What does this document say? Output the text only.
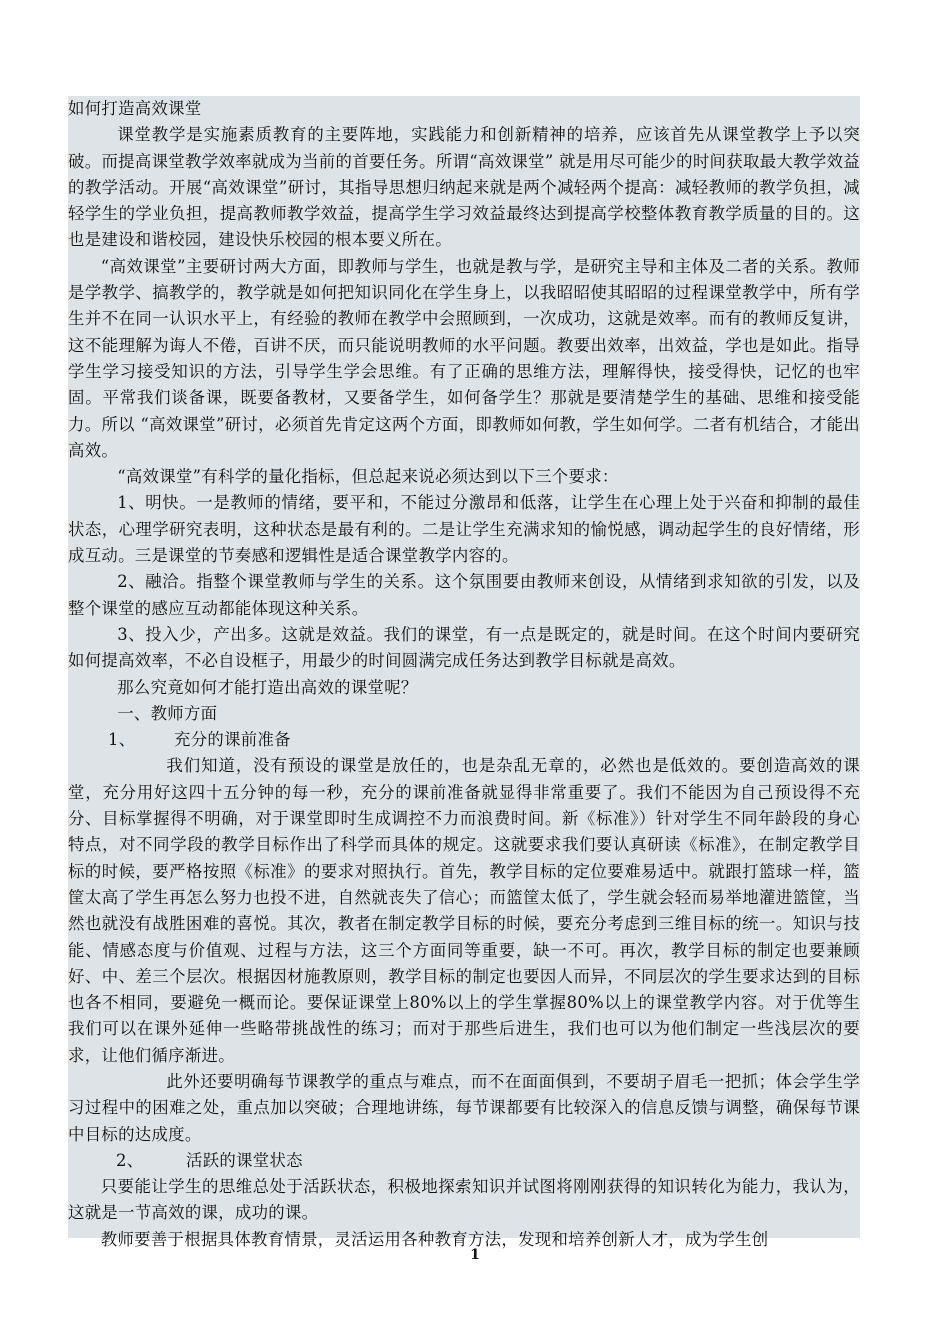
如何打造高效课堂

课堂教学是实施素质教育的主要阵地，实践能力和创新精神的培养，应该首先从课堂教学上予以突破。而提高课堂教学效率就成为当前的首要任务。所谓“高效课堂” 就是用尽可能少的时间获取最大教学效益的教学活动。开展“高效课堂”研讨，其指导思想归纳起来就是两个减轻两个提高：减轻教师的教学负担，减轻学生的学业负担，提高教师教学效益，提高学生学习效益最终达到提高学校整体教育教学质量的目的。这也是建设和谐校园，建设快乐校园的根本要义所在。

“高效课堂”主要研讨两大方面，即教师与学生，也就是教与学，是研究主导和主体及二者的关系。教师是学教学、搞教学的，教学就是如何把知识同化在学生身上，以我昭昭使其昭昭的过程课堂教学中，所有学生并不在同一认识水平上，有经验的教师在教学中会照顾到，一次成功，这就是效率。而有的教师反复讲，这不能理解为诲人不倦，百讲不厌，而只能说明教师的水平问题。教要出效率，出效益，学也是如此。指导学生学习接受知识的方法，引导学生学会思维。有了正确的思维方法，理解得快，接受得快，记忆的也牢固。平常我们谈备课，既要备教材，又要备学生，如何备学生？那就是要清楚学生的基础、思维和接受能力。所以 “高效课堂”研讨，必须首先肯定这两个方面，即教师如何教，学生如何学。二者有机结合，才能出高效。

“高效课堂”有科学的量化指标，但总起来说必须达到以下三个要求：

1、明快。一是教师的情绪，要平和，不能过分激昂和低落，让学生在心理上处于兴奋和抑制的最佳状态，心理学研究表明，这种状态是最有利的。二是让学生充满求知的愉悦感，调动起学生的良好情绪，形成互动。三是课堂的节奏感和逻辑性是适合课堂教学内容的。

2、融洽。指整个课堂教师与学生的关系。这个氛围要由教师来创设，从情绪到求知欲的引发，以及整个课堂的感应互动都能体现这种关系。

3、投入少，产出多。这就是效益。我们的课堂，有一点是既定的，就是时间。在这个时间内要研究如何提高效率，不必自设框子，用最少的时间圆满完成任务达到教学目标就是高效。

那么究竟如何才能打造出高效的课堂呢？

一、教师方面

1、	充分的课前准备

我们知道，没有预设的课堂是放任的，也是杂乱无章的，必然也是低效的。要创造高效的课堂，充分用好这四十五分钟的每一秒，充分的课前准备就显得非常重要了。我们不能因为自己预设得不充分、目标掌握得不明确，对于课堂即时生成调控不力而浪费时间。新《标准》）针对学生不同年龄段的身心特点，对不同学段的教学目标作出了科学而具体的规定。这就要求我们要认真研读《标准》，在制定教学目标的时候，要严格按照《标准》的要求对照执行。首先，教学目标的定位要难易适中。就跟打篮球一样，篮筐太高了学生再怎么努力也投不进，自然就丧失了信心；而篮筐太低了，学生就会轻而易举地灌进篮筐，当然也就没有战胜困难的喜悦。其次，教者在制定教学目标的时候，要充分考虑到三维目标的统一。知识与技能、情感态度与价值观、过程与方法，这三个方面同等重要，缺一不可。再次，教学目标的制定也要兼顾好、中、差三个层次。根据因材施教原则，教学目标的制定也要因人而异，不同层次的学生要求达到的目标也各不相同，要避免一概而论。要保证课堂上80%以上的学生掌握80%以上的课堂教学内容。对于优等生我们可以在课外延伸一些略带挑战性的练习；而对于那些后进生，我们也可以为他们制定一些浅层次的要求，让他们循序渐进。

此外还要明确每节课教学的重点与难点，而不在面面俱到，不要胡子眉毛一把抓；体会学生学习过程中的困难之处，重点加以突破；合理地讲练，每节课都要有比较深入的信息反馈与调整，确保每节课中目标的达成度。

2、	活跃的课堂状态

只要能让学生的思维总处于活跃状态，积极地探索知识并试图将刚刚获得的知识转化为能力，我认为，这就是一节高效的课，成功的课。

教师要善于根据具体教育情景，灵活运用各种教育方法，发现和培养创新人才，成为学生创

1
